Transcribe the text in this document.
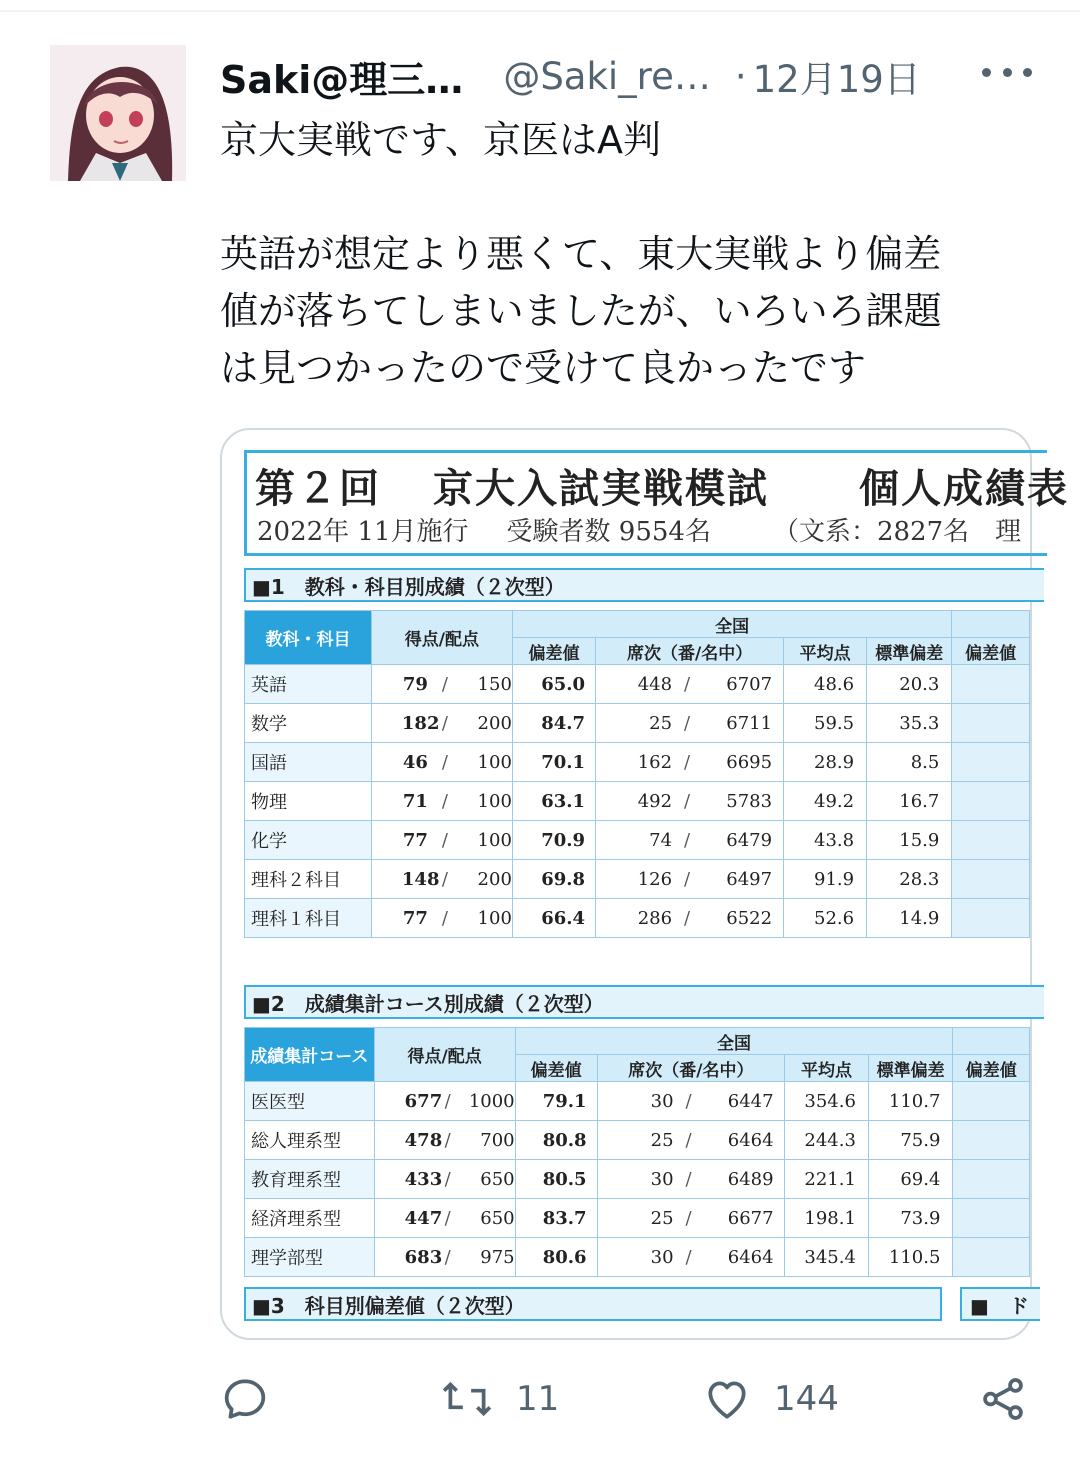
Saki@理三… @Saki_re… · 12月19日

京大実戦です、京医はA判

英語が想定より悪くて、東大実戦より偏差

値が落ちてしまいましたが、いろいろ課題

は見つかったので受けて良かったです

第２回 京大入試実戦模試 個人成績表
2022年 11月施行 受験者数 9554名 （文系：2827名　理
■1　教科・科目別成績（２次型）
教科・科目	得点/配点	全国				
		偏差値	席次（番/名中）	平均点	標準偏差	偏差値
英語	79 / 150	65.0	448 / 6707	48.6	20.3	
数学	182 / 200	84.7	25 / 6711	59.5	35.3	
国語	46 / 100	70.1	162 / 6695	28.9	8.5	
物理	71 / 100	63.1	492 / 5783	49.2	16.7	
化学	77 / 100	70.9	74 / 6479	43.8	15.9	
理科２科目	148 / 200	69.8	126 / 6497	91.9	28.3	
理科１科目	77 / 100	66.4	286 / 6522	52.6	14.9	
■2　成績集計コース別成績（２次型）
成績集計コース	得点/配点	全国				
		偏差値	席次（番/名中）	平均点	標準偏差	偏差値
医医型	677 / 1000	79.1	30 / 6447	354.6	110.7	
総人理系型	478 / 700	80.8	25 / 6464	244.3	75.9	
教育理系型	433 / 650	80.5	30 / 6489	221.1	69.4	
経済理系型	447 / 650	83.7	25 / 6677	198.1	73.9	
理学部型	683 / 975	80.6	30 / 6464	345.4	110.5	
■3　科目別偏差値（２次型）	■　ド
11	144
